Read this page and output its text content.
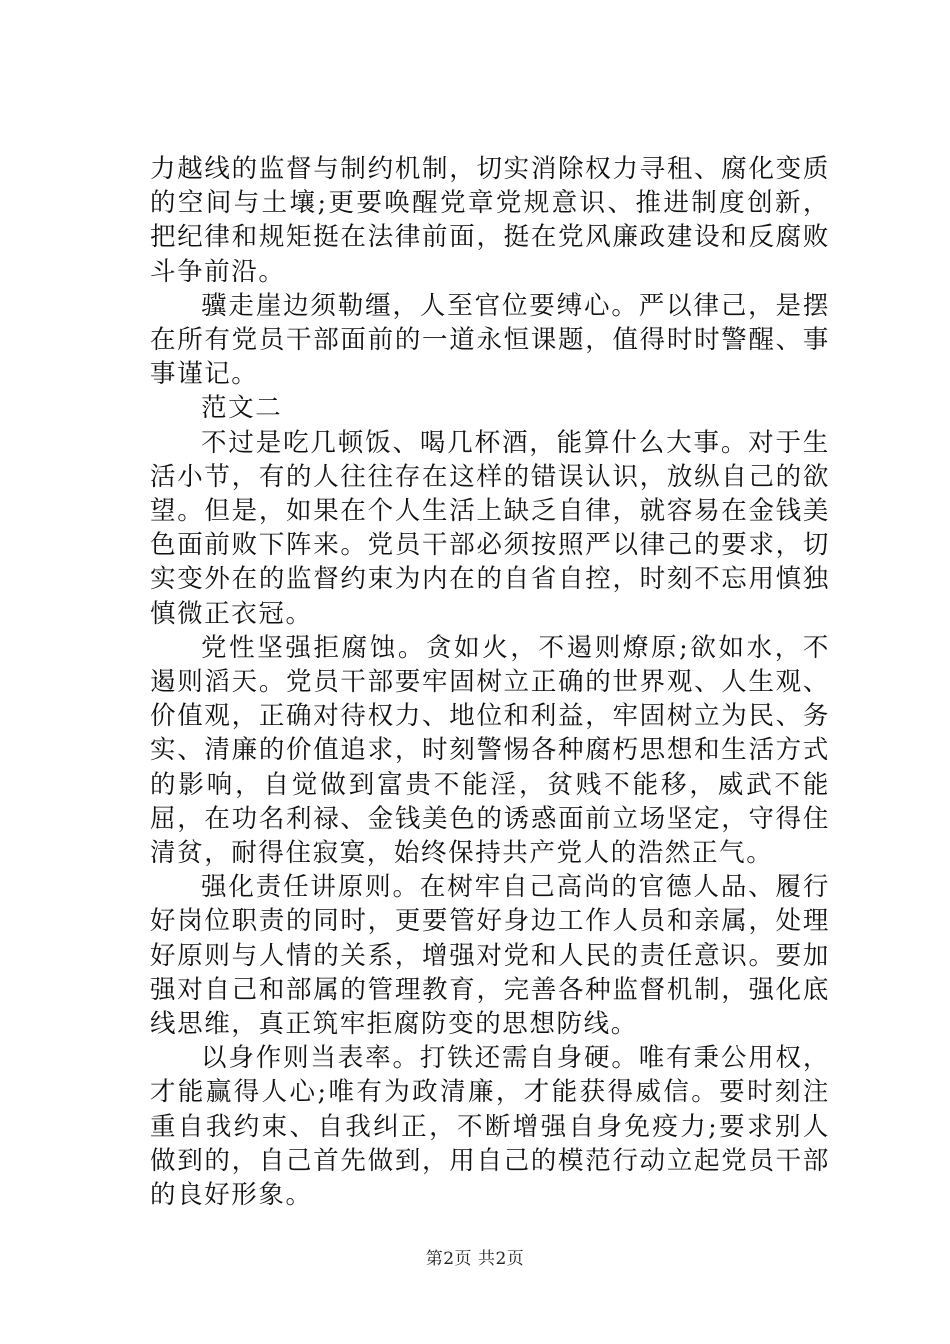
力越线的监督与制约机制，切实消除权力寻租、腐化变质的空间与土壤;更要唤醒党章党规意识、推进制度创新，把纪律和规矩挺在法律前面，挺在党风廉政建设和反腐败斗争前沿。

骥走崖边须勒缰，人至官位要缚心。严以律己，是摆在所有党员干部面前的一道永恒课题，值得时时警醒、事事谨记。

范文二

不过是吃几顿饭、喝几杯酒，能算什么大事。对于生活小节，有的人往往存在这样的错误认识，放纵自己的欲望。但是，如果在个人生活上缺乏自律，就容易在金钱美色面前败下阵来。党员干部必须按照严以律己的要求，切实变外在的监督约束为内在的自省自控，时刻不忘用慎独慎微正衣冠。

党性坚强拒腐蚀。贪如火，不遏则燎原;欲如水，不遏则滔天。党员干部要牢固树立正确的世界观、人生观、价值观，正确对待权力、地位和利益，牢固树立为民、务实、清廉的价值追求，时刻警惕各种腐朽思想和生活方式的影响，自觉做到富贵不能淫，贫贱不能移，威武不能屈，在功名利禄、金钱美色的诱惑面前立场坚定，守得住清贫，耐得住寂寞，始终保持共产党人的浩然正气。

强化责任讲原则。在树牢自己高尚的官德人品、履行好岗位职责的同时，更要管好身边工作人员和亲属，处理好原则与人情的关系，增强对党和人民的责任意识。要加强对自己和部属的管理教育，完善各种监督机制，强化底线思维，真正筑牢拒腐防变的思想防线。

以身作则当表率。打铁还需自身硬。唯有秉公用权，才能赢得人心;唯有为政清廉，才能获得威信。要时刻注重自我约束、自我纠正，不断增强自身免疫力;要求别人做到的，自己首先做到，用自己的模范行动立起党员干部的良好形象。

第2页 共2页
